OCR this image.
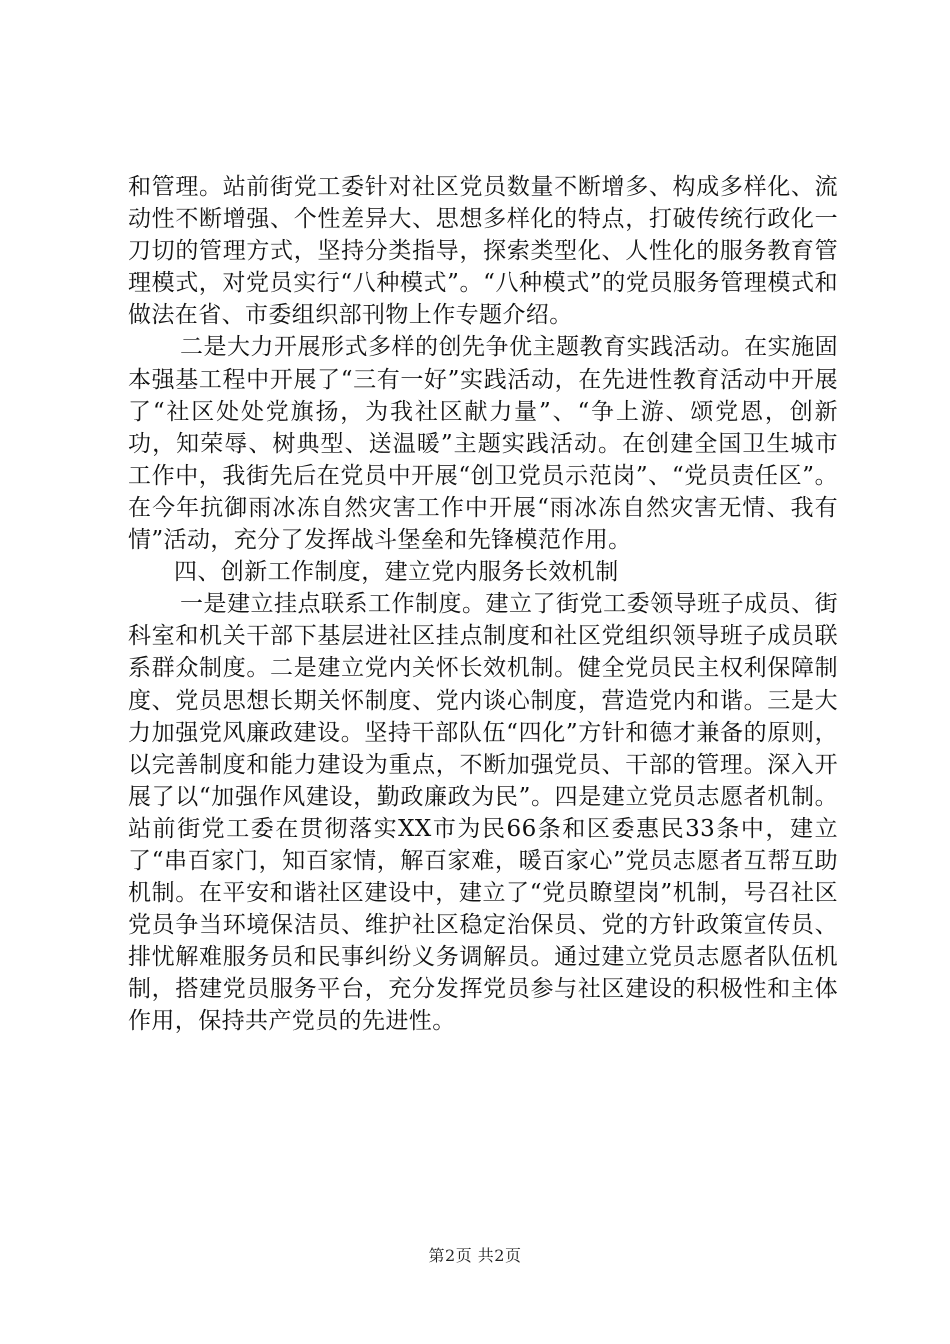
和管理。站前街党工委针对社区党员数量不断增多、构成多样化、流动性不断增强、个性差异大、思想多样化的特点，打破传统行政化一刀切的管理方式，坚持分类指导，探索类型化、人性化的服务教育管理模式，对党员实行“八种模式”。“八种模式”的党员服务管理模式和做法在省、市委组织部刊物上作专题介绍。

二是大力开展形式多样的创先争优主题教育实践活动。在实施固本强基工程中开展了“三有一好”实践活动，在先进性教育活动中开展了“社区处处党旗扬，为我社区献力量”、“争上游、颂党恩，创新功，知荣辱、树典型、送温暖”主题实践活动。在创建全国卫生城市工作中，我街先后在党员中开展“创卫党员示范岗”、“党员责任区”。在今年抗御雨冰冻自然灾害工作中开展“雨冰冻自然灾害无情、我有情”活动，充分了发挥战斗堡垒和先锋模范作用。

四、创新工作制度，建立党内服务长效机制

一是建立挂点联系工作制度。建立了街党工委领导班子成员、街科室和机关干部下基层进社区挂点制度和社区党组织领导班子成员联系群众制度。二是建立党内关怀长效机制。健全党员民主权利保障制度、党员思想长期关怀制度、党内谈心制度，营造党内和谐。三是大力加强党风廉政建设。坚持干部队伍“四化”方针和德才兼备的原则，以完善制度和能力建设为重点，不断加强党员、干部的管理。深入开展了以“加强作风建设，勤政廉政为民”。四是建立党员志愿者机制。站前街党工委在贯彻落实XX市为民66条和区委惠民33条中，建立了“串百家门，知百家情，解百家难，暖百家心”党员志愿者互帮互助机制。在平安和谐社区建设中，建立了“党员瞭望岗”机制，号召社区党员争当环境保洁员、维护社区稳定治保员、党的方针政策宣传员、排忧解难服务员和民事纠纷义务调解员。通过建立党员志愿者队伍机制，搭建党员服务平台，充分发挥党员参与社区建设的积极性和主体作用，保持共产党员的先进性。

第2页 共2页
